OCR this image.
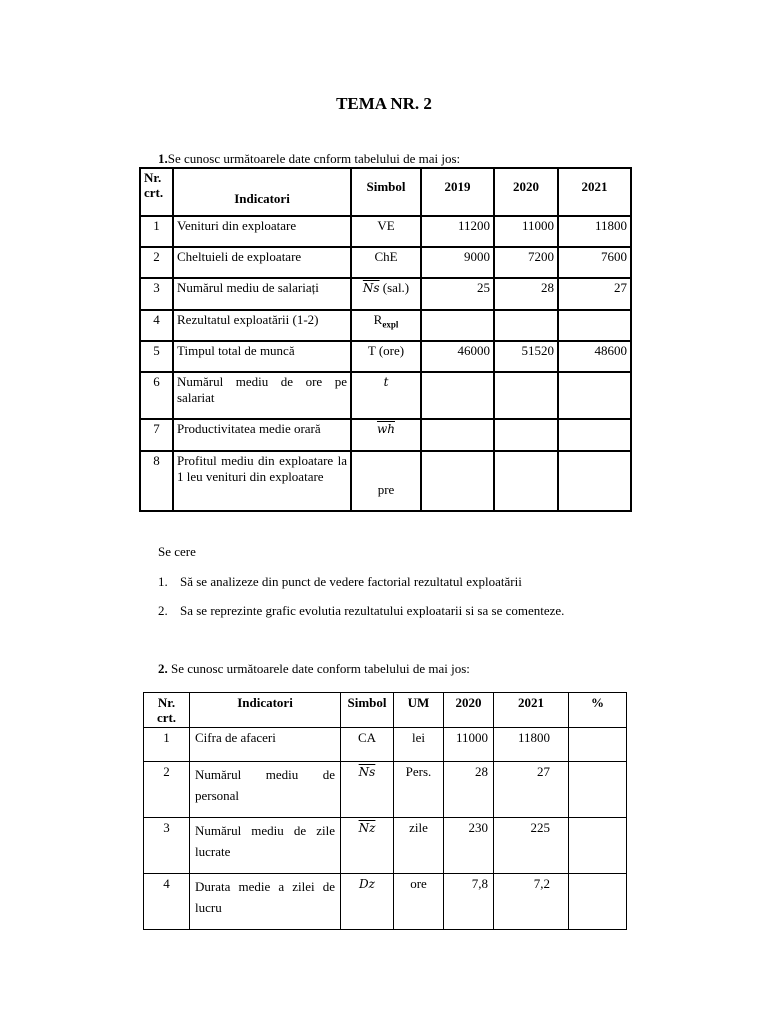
TEMA NR. 2
1.Se cunosc următoarele date cnform tabelului de mai jos:
Nr. crt.	Indicatori	Simbol	2019	2020	2021
1	Venituri din exploatare	VE	11200	11000	11800
2	Cheltuieli de exploatare	ChE	9000	7200	7600
3	Numărul mediu de salariați	$\overline{Ns}$ (sal.)	25	28	27
4	Rezultatul exploatării (1-2)	$R_{expl}$			
5	Timpul total de muncă	T (ore)	46000	51520	48600
6	Numărul mediu de ore pe salariat	t			
7	Productivitatea medie orară	$\overline{wh}$			
8	Profitul mediu din exploatare la 1 leu venituri din exploatare	pre			
Se cere
1. Să se analizeze din punct de vedere factorial rezultatul exploatării
2. Sa se reprezinte grafic evolutia rezultatului exploatarii si sa se comenteze.
2. Se cunosc următoarele date conform tabelului de mai jos:
Nr. crt.	Indicatori	Simbol	UM	2020	2021	%
1	Cifra de afaceri	CA	lei	11000	11800	
2	Numărul mediu de personal	$\overline{Ns}$	Pers.	28	27	
3	Numărul mediu de zile lucrate	$\overline{Nz}$	zile	230	225	
4	Durata medie a zilei de lucru	Dz	ore	7,8	7,2	
